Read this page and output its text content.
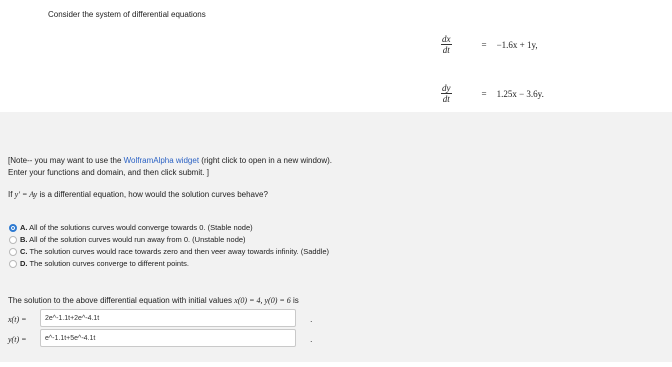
Consider the system of differential equations
$\frac{dx}{dt}$	= −1.6x + 1y,
$\frac{dy}{dt}$	= 1.25x − 3.6y.
[Note-- you may want to use the WolframAlpha widget (right click to open in a new window).
Enter your functions and domain, and then click submit. ]
If y′ = Ay is a differential equation, how would the solution curves behave?
A. All of the solutions curves would converge towards 0. (Stable node)
B. All of the solution curves would run away from 0. (Unstable node)
C. The solution curves would race towards zero and then veer away towards infinity. (Saddle)
D. The solution curves converge to different points.
The solution to the above differential equation with initial values x(0) = 4, y(0) = 6 is
x(t) =	2e^-1.1t+2e^-4.1t	.
y(t) =	e^-1.1t+5e^-4.1t	.
